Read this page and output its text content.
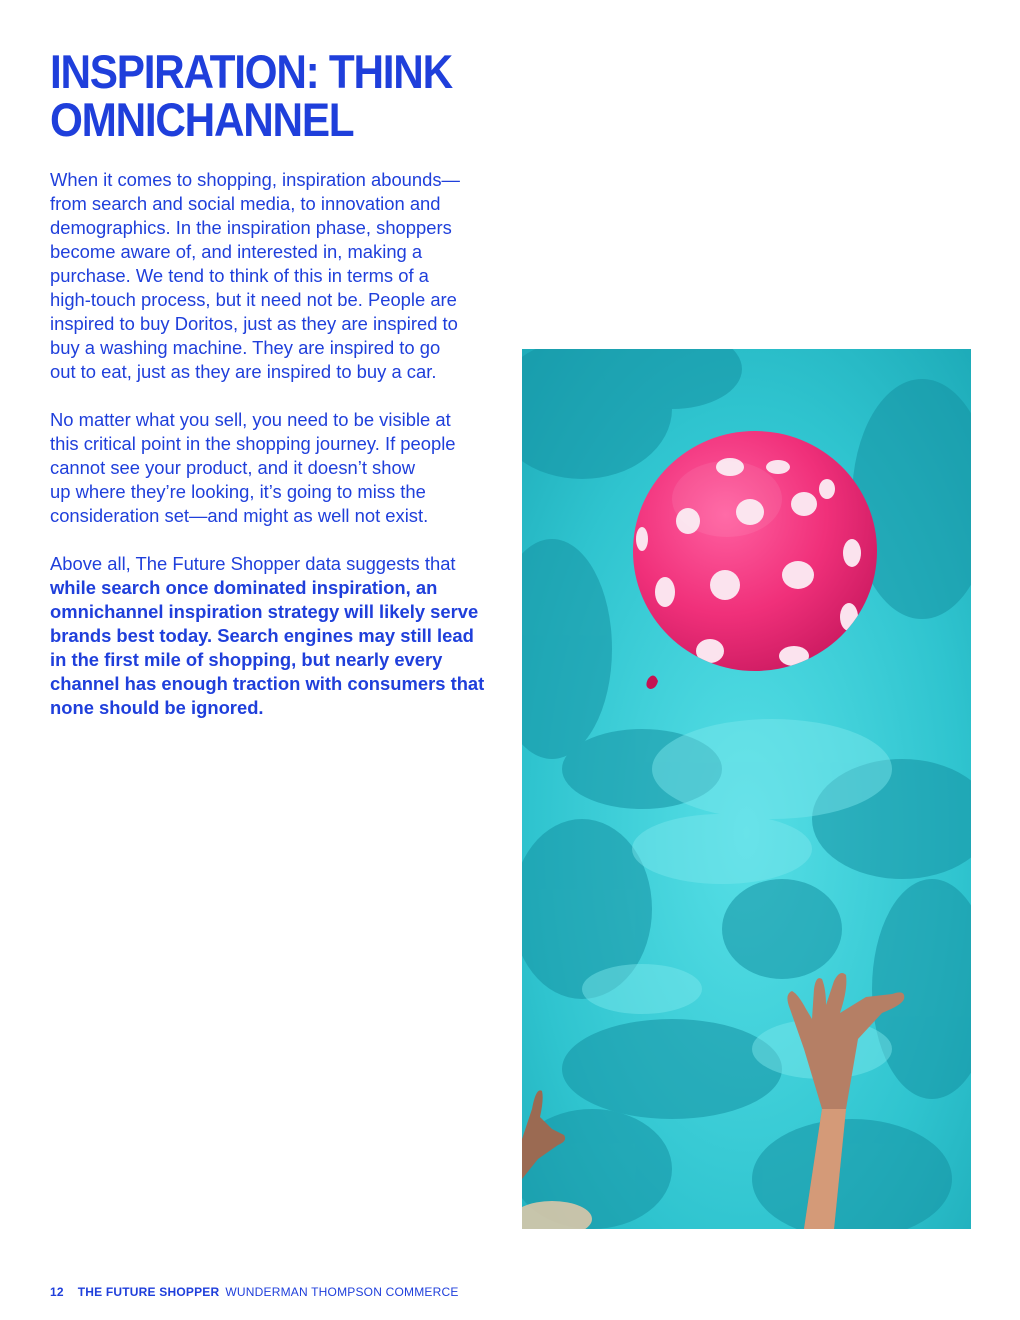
INSPIRATION: THINK
OMNICHANNEL

When it comes to shopping, inspiration abounds—
from search and social media, to innovation and
demographics. In the inspiration phase, shoppers
become aware of, and interested in, making a
purchase. We tend to think of this in terms of a
high-touch process, but it need not be. People are
inspired to buy Doritos, just as they are inspired to
buy a washing machine. They are inspired to go
out to eat, just as they are inspired to buy a car.

No matter what you sell, you need to be visible at
this critical point in the shopping journey. If people
cannot see your product, and it doesn’t show
up where they’re looking, it’s going to miss the
consideration set—and might as well not exist.

Above all, The Future Shopper data suggests that
while search once dominated inspiration, an
omnichannel inspiration strategy will likely serve
brands best today. Search engines may still lead
in the first mile of shopping, but nearly every
channel has enough traction with consumers that
none should be ignored.

12 THE FUTURE SHOPPER WUNDERMAN THOMPSON COMMERCE
